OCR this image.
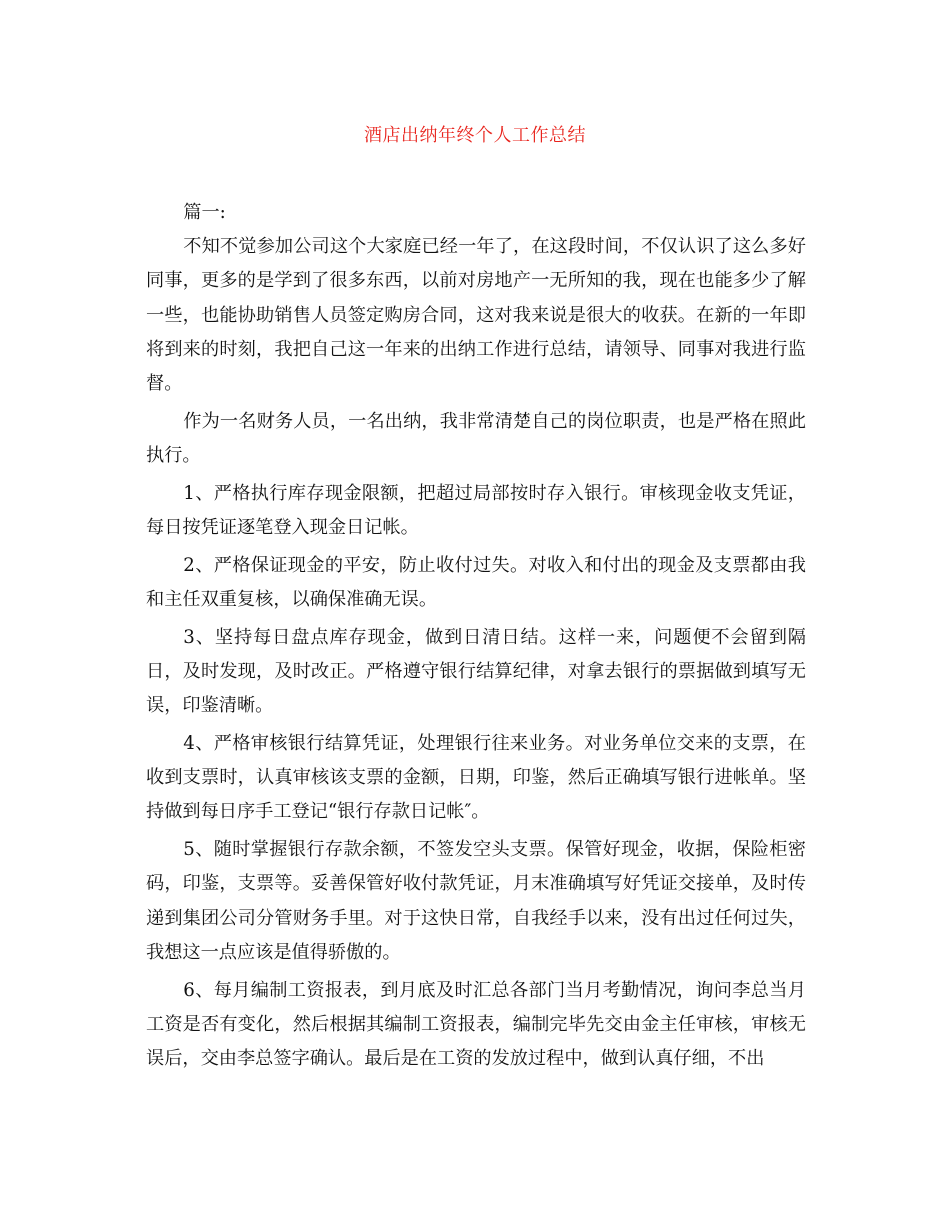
酒店出纳年终个人工作总结

篇一:

不知不觉参加公司这个大家庭已经一年了，在这段时间，不仅认识了这么多好同事，更多的是学到了很多东西，以前对房地产一无所知的我，现在也能多少了解一些，也能协助销售人员签定购房合同，这对我来说是很大的收获。在新的一年即将到来的时刻，我把自己这一年来的出纳工作进行总结，请领导、同事对我进行监督。

作为一名财务人员，一名出纳，我非常清楚自己的岗位职责，也是严格在照此执行。

1、严格执行库存现金限额，把超过局部按时存入银行。审核现金收支凭证，每日按凭证逐笔登入现金日记帐。

2、严格保证现金的平安，防止收付过失。对收入和付出的现金及支票都由我和主任双重复核，以确保准确无误。

3、坚持每日盘点库存现金，做到日清日结。这样一来，问题便不会留到隔日，及时发现，及时改正。严格遵守银行结算纪律，对拿去银行的票据做到填写无误，印鉴清晰。

4、严格审核银行结算凭证，处理银行往来业务。对业务单位交来的支票，在收到支票时，认真审核该支票的金额，日期，印鉴，然后正确填写银行进帐单。坚持做到每日序手工登记“银行存款日记帐″。

5、随时掌握银行存款余额，不签发空头支票。保管好现金，收据，保险柜密码，印鉴，支票等。妥善保管好收付款凭证，月末准确填写好凭证交接单，及时传递到集团公司分管财务手里。对于这快日常，自我经手以来，没有出过任何过失，我想这一点应该是值得骄傲的。

6、每月编制工资报表，到月底及时汇总各部门当月考勤情况，询问李总当月工资是否有变化，然后根据其编制工资报表，编制完毕先交由金主任审核，审核无误后，交由李总签字确认。最后是在工资的发放过程中，做到认真仔细，不出
